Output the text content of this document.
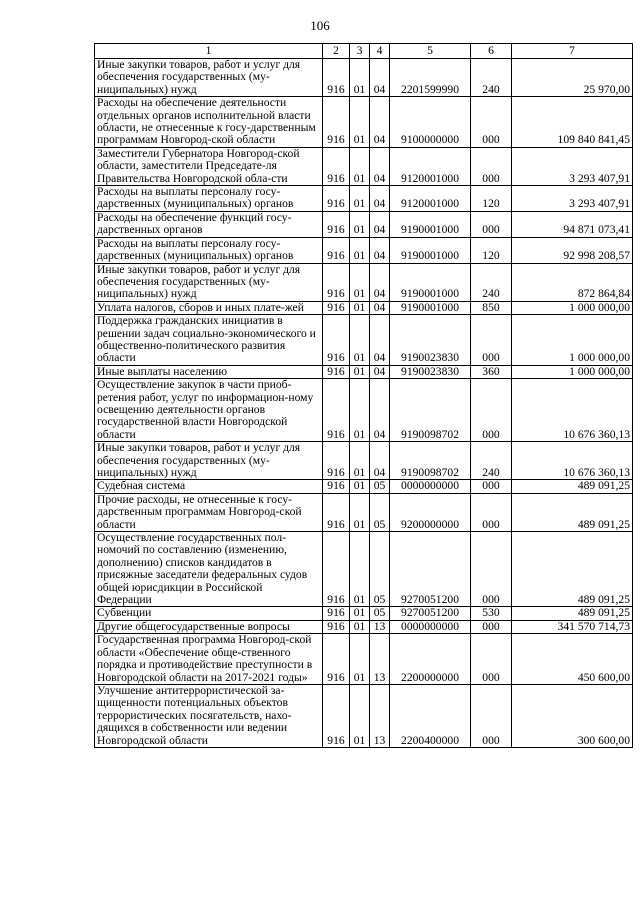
106
1	2	3	4	5	6	7
Иные закупки товаров, работ и услуг для обеспечения государственных (му-ниципальных) нужд	916	01	04	2201599990	240	25 970,00
Расходы на обеспечение деятельности отдельных органов исполнительной власти области, не отнесенные к госу-дарственным программам Новгород-ской области	916	01	04	9100000000	000	109 840 841,45
Заместители Губернатора Новгород-ской области, заместители Председате-ля Правительства Новгородской обла-сти	916	01	04	9120001000	000	3 293 407,91
Расходы на выплаты персоналу госу-дарственных (муниципальных) органов	916	01	04	9120001000	120	3 293 407,91
Расходы на обеспечение функций госу-дарственных органов	916	01	04	9190001000	000	94 871 073,41
Расходы на выплаты персоналу госу-дарственных (муниципальных) органов	916	01	04	9190001000	120	92 998 208,57
Иные закупки товаров, работ и услуг для обеспечения государственных (му-ниципальных) нужд	916	01	04	9190001000	240	872 864,84
Уплата налогов, сборов и иных плате-жей	916	01	04	9190001000	850	1 000 000,00
Поддержка гражданских инициатив в решении задач социально-экономического и общественно-политического развития области	916	01	04	9190023830	000	1 000 000,00
Иные выплаты населению	916	01	04	9190023830	360	1 000 000,00
Осуществление закупок в части приоб-ретения работ, услуг по информацион-ному освещению деятельности органов государственной власти Новгородской области	916	01	04	9190098702	000	10 676 360,13
Иные закупки товаров, работ и услуг для обеспечения государственных (му-ниципальных) нужд	916	01	04	9190098702	240	10 676 360,13
Судебная система	916	01	05	0000000000	000	489 091,25
Прочие расходы, не отнесенные к госу-дарственным программам Новгород-ской области	916	01	05	9200000000	000	489 091,25
Осуществление государственных пол-номочий по составлению (изменению, дополнению) списков кандидатов в присяжные заседатели федеральных судов общей юрисдикции в Российской Федерации	916	01	05	9270051200	000	489 091,25
Субвенции	916	01	05	9270051200	530	489 091,25
Другие общегосударственные вопросы	916	01	13	0000000000	000	341 570 714,73
Государственная программа Новгород-ской области «Обеспечение обще-ственного порядка и противодействие преступности в Новгородской области на 2017-2021 годы»	916	01	13	2200000000	000	450 600,00
Улучшение антитеррористической за-щищенности потенциальных объектов террористических посягательств, нахо-дящихся в собственности или ведении Новгородской области	916	01	13	2200400000	000	300 600,00
